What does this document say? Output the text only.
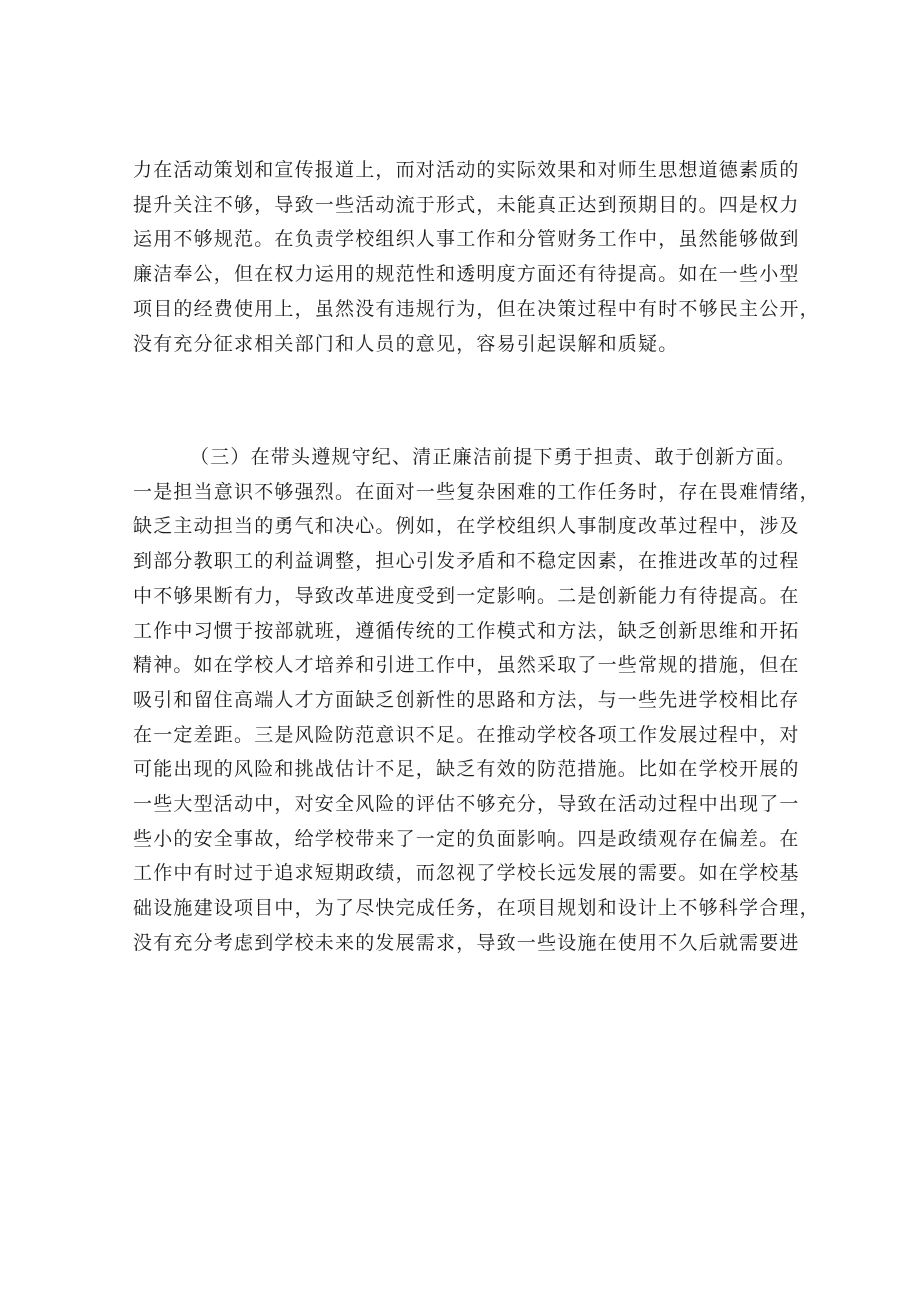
力在活动策划和宣传报道上，而对活动的实际效果和对师生思想道德素质的
提升关注不够，导致一些活动流于形式，未能真正达到预期目的。四是权力
运用不够规范。在负责学校组织人事工作和分管财务工作中，虽然能够做到
廉洁奉公，但在权力运用的规范性和透明度方面还有待提高。如在一些小型
项目的经费使用上，虽然没有违规行为，但在决策过程中有时不够民主公开，
没有充分征求相关部门和人员的意见，容易引起误解和质疑。
（三）在带头遵规守纪、清正廉洁前提下勇于担责、敢于创新方面。
一是担当意识不够强烈。在面对一些复杂困难的工作任务时，存在畏难情绪，
缺乏主动担当的勇气和决心。例如，在学校组织人事制度改革过程中，涉及
到部分教职工的利益调整，担心引发矛盾和不稳定因素，在推进改革的过程
中不够果断有力，导致改革进度受到一定影响。二是创新能力有待提高。在
工作中习惯于按部就班，遵循传统的工作模式和方法，缺乏创新思维和开拓
精神。如在学校人才培养和引进工作中，虽然采取了一些常规的措施，但在
吸引和留住高端人才方面缺乏创新性的思路和方法，与一些先进学校相比存
在一定差距。三是风险防范意识不足。在推动学校各项工作发展过程中，对
可能出现的风险和挑战估计不足，缺乏有效的防范措施。比如在学校开展的
一些大型活动中，对安全风险的评估不够充分，导致在活动过程中出现了一
些小的安全事故，给学校带来了一定的负面影响。四是政绩观存在偏差。在
工作中有时过于追求短期政绩，而忽视了学校长远发展的需要。如在学校基
础设施建设项目中，为了尽快完成任务，在项目规划和设计上不够科学合理，
没有充分考虑到学校未来的发展需求，导致一些设施在使用不久后就需要进
